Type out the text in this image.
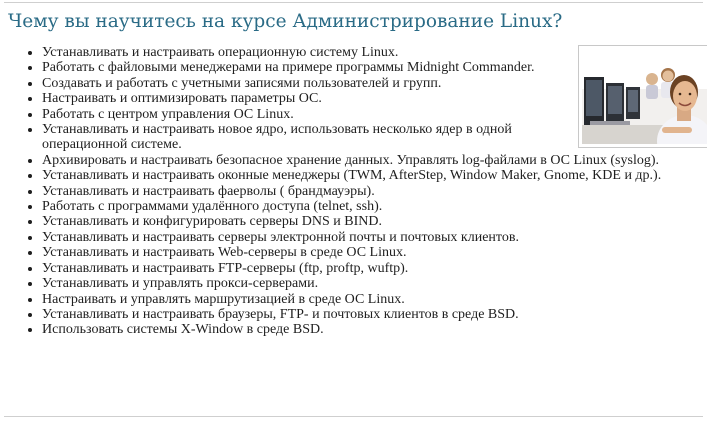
Чему вы научитесь на курсе Администрирование Linux?
• Устанавливать и настраивать операционную систему Linux.
• Работать с файловыми менеджерами на примере программы Midnight Commander.
• Создавать и работать с учетными записями пользователей и групп.
• Настраивать и оптимизировать параметры ОС.
• Работать с центром управления ОС Linux.
• Устанавливать и настраивать новое ядро, использовать несколько ядер в одной операционной системе.
• Архивировать и настраивать безопасное хранение данных. Управлять log-файлами в ОС Linux (syslog).
• Устанавливать и настраивать оконные менеджеры (TWM, AfterStep, Window Maker, Gnome, KDE и др.).
• Устанавливать и настраивать фаерволы ( брандмауэры).
• Работать с программами удалённого доступа (telnet, ssh).
• Устанавливать и конфигурировать серверы DNS и BIND.
• Устанавливать и настраивать серверы электронной почты и почтовых клиентов.
• Устанавливать и настраивать Web-серверы в среде ОС Linux.
• Устанавливать и настраивать FTP-серверы (ftp, proftp, wuftp).
• Устанавливать и управлять прокси-серверами.
• Настраивать и управлять маршрутизацией в среде ОС Linux.
• Устанавливать и настраивать браузеры, FTP- и почтовых клиентов в среде BSD.
• Использовать системы X-Window в среде BSD.
